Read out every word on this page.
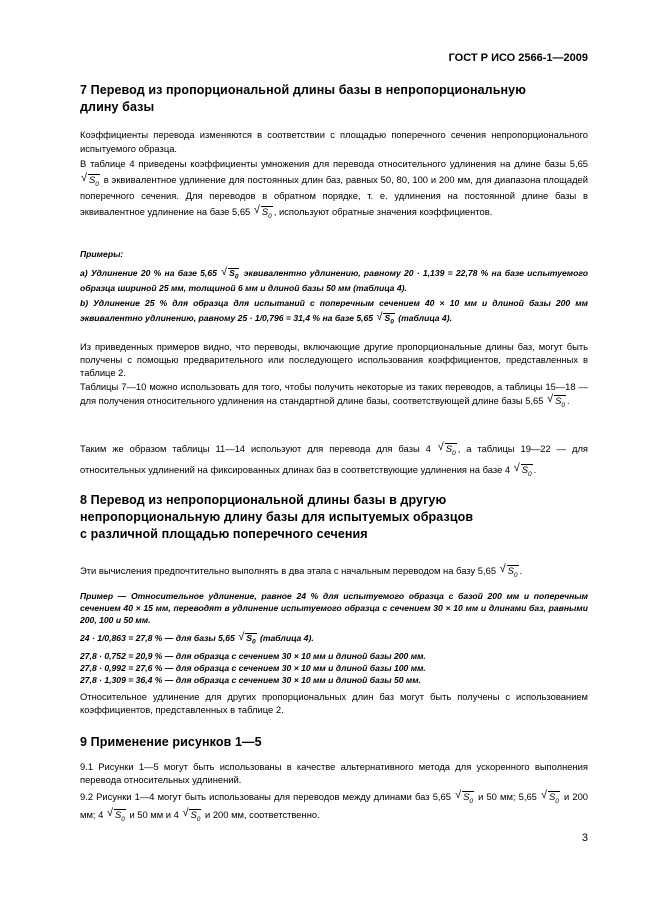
ГОСТ Р ИСО 2566-1—2009
7 Перевод из пропорциональной длины базы в непропорциональную
длину базы

Коэффициенты перевода изменяются в соответствии с площадью поперечного сечения непропорционального испытуемого образца.

В таблице 4 приведены коэффициенты умножения для перевода относительного удлинения на длине базы 5,65
√ $S_0$ в эквивалентное удлинение для постоянных длин баз, равных 50, 80, 100 и 200 мм, для диапазона площадей поперечного сечения. Для переводов в обратном порядке, т. е. удлинения на постоянной длине базы в эквивалентное удлинение на базе 5,65 √ $S_0$ , используют обратные значения коэффициентов.

Примеры:

а) Удлинение 20 % на базе 5,65 √ $S_0$ эквивалентно удлинению, равному 20 · 1,139 = 22,78 % на базе испытуемого образца шириной 25 мм, толщиной 6 мм и длиной базы 50 мм (таблица 4).

b) Удлинение 25 % для образца для испытаний с поперечным сечением 40 × 10 мм и длиной базы 200 мм эквивалентно удлинению, равному 25 · 1/0,796 = 31,4 % на базе 5,65 √ $S_0$ (таблица 4).

Из приведенных примеров видно, что переводы, включающие другие пропорциональные длины баз, могут быть получены с помощью предварительного или последующего использования коэффициентов, представленных в таблице 2.

Таблицы 7—10 можно использовать для того, чтобы получить некоторые из таких переводов, а таблицы 15—18 — для получения относительного удлинения на стандартной длине базы, соответствующей длине базы 5,65 √ $S_0$ .

Таким же образом таблицы 11—14 используют для перевода для базы 4 √ $S_0$ , а таблицы 19—22 — для относительных удлинений на фиксированных длинах баз в соответствующие удлинения на базе 4 √ $S_0$ .

8 Перевод из непропорциональной длины базы в другую
непропорциональную длину базы для испытуемых образцов
с различной площадью поперечного сечения

Эти вычисления предпочтительно выполнять в два этапа с начальным переводом на базу 5,65 √ $S_0$ .

Пример — Относительное удлинение, равное 24 % для испытуемого образца с базой 200 мм и поперечным сечением 40 × 15 мм, переводят в удлинение испытуемого образца с сечением 30 × 10 мм и длинами баз, равными 200, 100 и 50 мм.

24 · 1/0,863 = 27,8 % — для базы 5,65 √ $S_0$ (таблица 4).

27,8 · 0,752 = 20,9 % — для образца с сечением 30 × 10 мм и длиной базы 200 мм.

27,8 · 0,992 = 27,6 % — для образца с сечением 30 × 10 мм и длиной базы 100 мм.

27,8 · 1,309 = 36,4 % — для образца с сечением 30 × 10 мм и длиной базы 50 мм.

Относительное удлинение для других пропорциональных длин баз могут быть получены с использованием коэффициентов, представленных в таблице 2.

9 Применение рисунков 1—5

9.1 Рисунки 1—5 могут быть использованы в качестве альтернативного метода для ускоренного выполнения перевода относительных удлинений.

9.2 Рисунки 1—4 могут быть использованы для переводов между длинами баз 5,65 √ $S_0$ и 50 мм; 5,65 √ $S_0$ и 200 мм; 4 √ $S_0$ и 50 мм и 4 √ $S_0$ и 200 мм, соответственно.

3
